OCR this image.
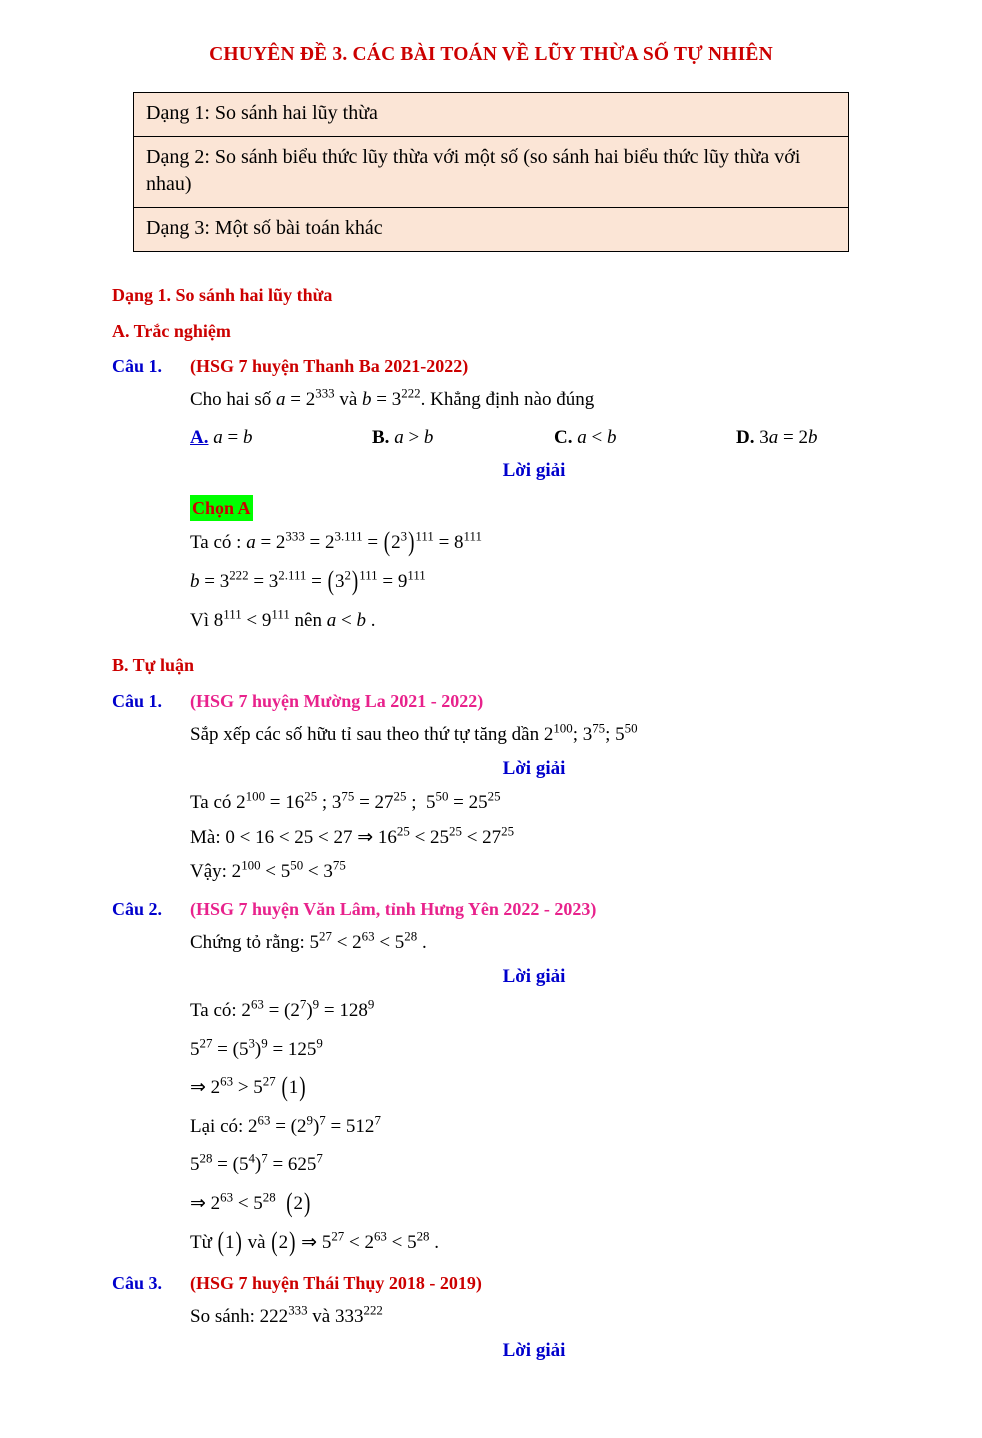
CHUYÊN ĐỀ 3. CÁC BÀI TOÁN VỀ LŨY THỪA SỐ TỰ NHIÊN
Dạng 1: So sánh hai lũy thừa
Dạng 2: So sánh biểu thức lũy thừa với một số (so sánh hai biểu thức lũy thừa với nhau)
Dạng 3: Một số bài toán khác
Dạng 1. So sánh hai lũy thừa
A. Trắc nghiệm
Câu 1.	(HSG 7 huyện Thanh Ba 2021-2022)
Cho hai số $a = 2^{333}$ và $b = 3^{222}$. Khẳng định nào đúng
A. a = b	B. a > b	C. a < b	D. 3a = 2b
Lời giải
Chọn A
Ta có : $a = 2^{333} = 2^{3.111} = (2^3)^{111} = 8^{111}$
$b = 3^{222} = 3^{2.111} = (3^2)^{111} = 9^{111}$
Vì $8^{111} < 9^{111}$ nên a < b .
B. Tự luận
Câu 1.	(HSG 7 huyện Mường La 2021 - 2022)
Sắp xếp các số hữu tỉ sau theo thứ tự tăng dần $2^{100}$; $3^{75}$; $5^{50}$
Lời giải
Ta có $2^{100} = 16^{25}$ ; $3^{75} = 27^{25}$ ;  $5^{50} = 25^{25}$
Mà: 0 < 16 < 25 < 27 ⇒ $16^{25} < 25^{25} < 27^{25}$
Vậy: $2^{100} < 5^{50} < 3^{75}$
Câu 2.	(HSG 7 huyện Văn Lâm, tỉnh Hưng Yên 2022 - 2023)
Chứng tỏ rằng: $5^{27} < 2^{63} < 5^{28}$ .
Lời giải
Ta có: $2^{63} = (2^7)^9 = 128^9$
$5^{27} = (5^3)^9 = 125^9$
⇒ $2^{63} > 5^{27}$ (1)
Lại có: $2^{63} = (2^9)^7 = 512^7$
$5^{28} = (5^4)^7 = 625^7$
⇒ $2^{63} < 5^{28}$ (2)
Từ (1) và (2) ⇒ $5^{27} < 2^{63} < 5^{28}$ .
Câu 3.	(HSG 7 huyện Thái Thụy 2018 - 2019)
So sánh: $222^{333}$ và $333^{222}$
Lời giải
